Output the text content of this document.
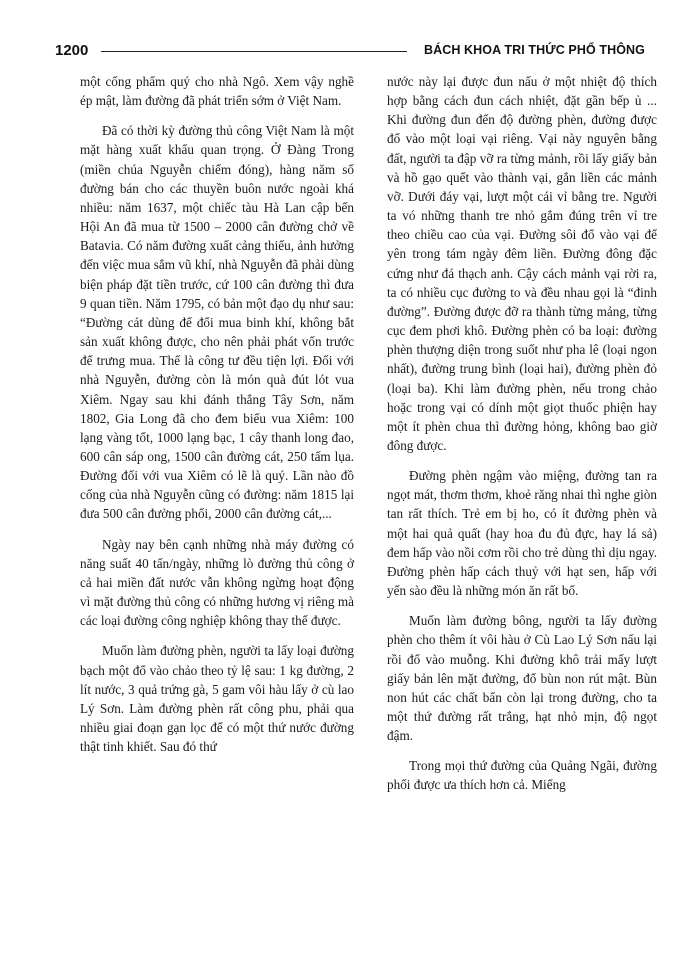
1200	BÁCH KHOA TRI THỨC PHỔ THÔNG

một cống phẩm quý cho nhà Ngô. Xem vậy nghề ép mật, làm đường đã phát triển sớm ở Việt Nam.

Đã có thời kỳ đường thủ công Việt Nam là một mặt hàng xuất khẩu quan trọng. Ở Đàng Trong (miền chúa Nguyễn chiếm đóng), hàng năm số đường bán cho các thuyền buôn nước ngoài khá nhiều: năm 1637, một chiếc tàu Hà Lan cập bến Hội An đã mua từ 1500 – 2000 cân đường chở về Batavia. Có năm đường xuất cảng thiếu, ảnh hưởng đến việc mua sắm vũ khí, nhà Nguyễn đã phải dùng biện pháp đặt tiền trước, cứ 100 cân đường thì đưa 9 quan tiền. Năm 1795, có bản một đạo dụ như sau: “Đường cát dùng để đổi mua binh khí, không bắt sản xuất không được, cho nên phải phát vốn trước để trưng mua. Thế là công tư đều tiện lợi. Đối với nhà Nguyễn, đường còn là món quà đút lót vua Xiêm. Ngay sau khi đánh thắng Tây Sơn, năm 1802, Gia Long đã cho đem biếu vua Xiêm: 100 lạng vàng tốt, 1000 lạng bạc, 1 cây thanh long đao, 600 cân sáp ong, 1500 cân đường cát, 250 tấm lụa. Đường đối với vua Xiêm có lẽ là quý. Lần nào đồ cống của nhà Nguyễn cũng có đường: năm 1815 lại đưa 500 cân đường phổi, 2000 cân đường cát,...

Ngày nay bên cạnh những nhà máy đường có năng suất 40 tấn/ngày, những lò đường thủ công ở cả hai miền đất nước vẫn không ngừng hoạt động vì mặt đường thủ công có những hương vị riêng mà các loại đường công nghiệp không thay thế được.

Muốn làm đường phèn, người ta lấy loại đường bạch một đổ vào chảo theo tỷ lệ sau: 1 kg đường, 2 lít nước, 3 quả trứng gà, 5 gam vôi hàu lấy ở cù lao Lý Sơn. Làm đường phèn rất công phu, phải qua nhiều giai đoạn gạn lọc để có một thứ nước đường thật tinh khiết. Sau đó thứ

nước này lại được đun nấu ở một nhiệt độ thích hợp bằng cách đun cách nhiệt, đặt gần bếp ủ ... Khi đường đun đến độ đường phèn, đường được đổ vào một loại vại riêng. Vại này nguyên bằng đất, người ta đập vỡ ra từng mảnh, rồi lấy giấy bản và hồ gạo quết vào thành vại, gắn liền các mảnh vỡ. Dưới đáy vại, lượt một cái vỉ bằng tre. Người ta vó những thanh tre nhỏ gắm đúng trên vỉ tre theo chiều cao của vại. Đường sôi đổ vào vại để yên trong tám ngày đêm liền. Đường đông đặc cứng như đá thạch anh. Cậy cách mảnh vại rời ra, ta có nhiều cục đường to và đều nhau gọi là “đinh đường”. Đường được đỡ ra thành từng mảng, từng cục đem phơi khô. Đường phèn có ba loại: đường phèn thượng diện trong suốt như pha lê (loại ngon nhất), đường trung bình (loại hai), đường phèn đỏ (loại ba). Khi làm đường phèn, nếu trong chảo hoặc trong vại có dính một giọt thuốc phiện hay một ít phèn chua thì đường hỏng, không bao giờ đông được.

Đường phèn ngậm vào miệng, đường tan ra ngọt mát, thơm thơm, khoẻ răng nhai thì nghe giòn tan rất thích. Trẻ em bị ho, có ít đường phèn và một hai quả quất (hay hoa đu đủ đực, hay lá sả) đem hấp vào nồi cơm rồi cho trẻ dùng thì dịu ngay. Đường phèn hấp cách thuỷ với hạt sen, hấp với yến sào đều là những món ăn rất bổ.

Muốn làm đường bông, người ta lấy đường phèn cho thêm ít vôi hàu ở Cù Lao Lý Sơn nấu lại rồi đổ vào muỗng. Khi đường khô trải mấy lượt giấy bản lên mặt đường, đổ bùn non rút mật. Bùn non hút các chất bẩn còn lại trong đường, cho ta một thứ đường rất trắng, hạt nhỏ mịn, độ ngọt đậm.

Trong mọi thứ đường của Quảng Ngãi, đường phổi được ưa thích hơn cả. Miếng
